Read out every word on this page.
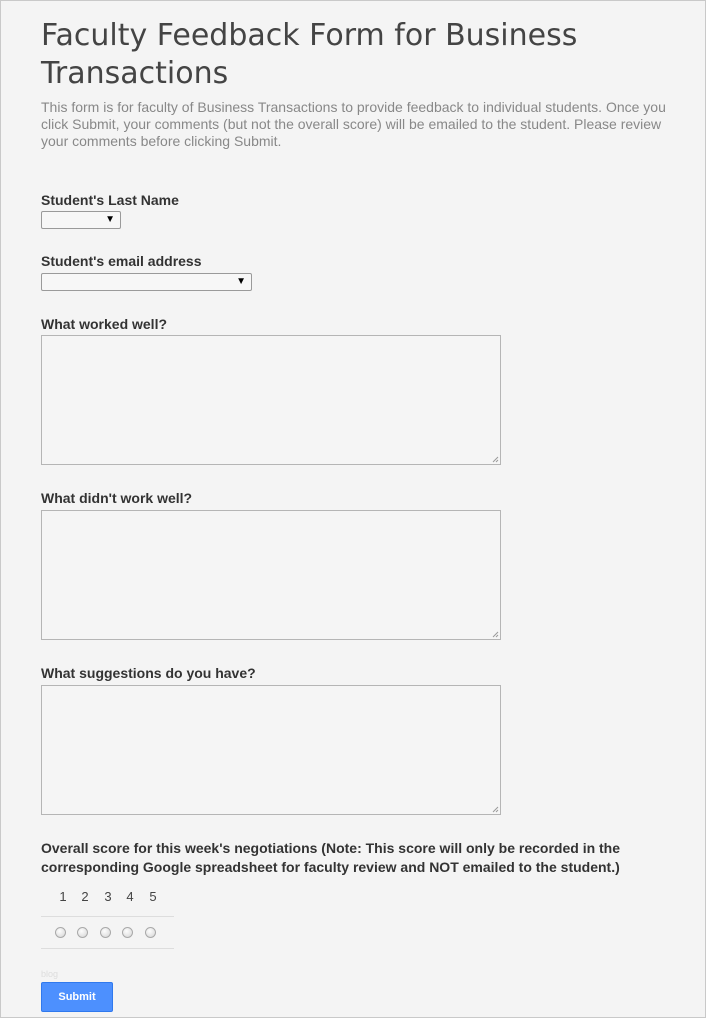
Faculty Feedback Form for Business Transactions
This form is for faculty of Business Transactions to provide feedback to individual students. Once you click Submit, your comments (but not the overall score) will be emailed to the student. Please review your comments before clicking Submit.
Student's Last Name
▼
Student's email address
▼
What worked well?
What didn't work well?
What suggestions do you have?
Overall score for this week's negotiations (Note: This score will only be recorded in the corresponding Google spreadsheet for faculty review and NOT emailed to the student.)
1 2 3 4 5
blog
Submit
